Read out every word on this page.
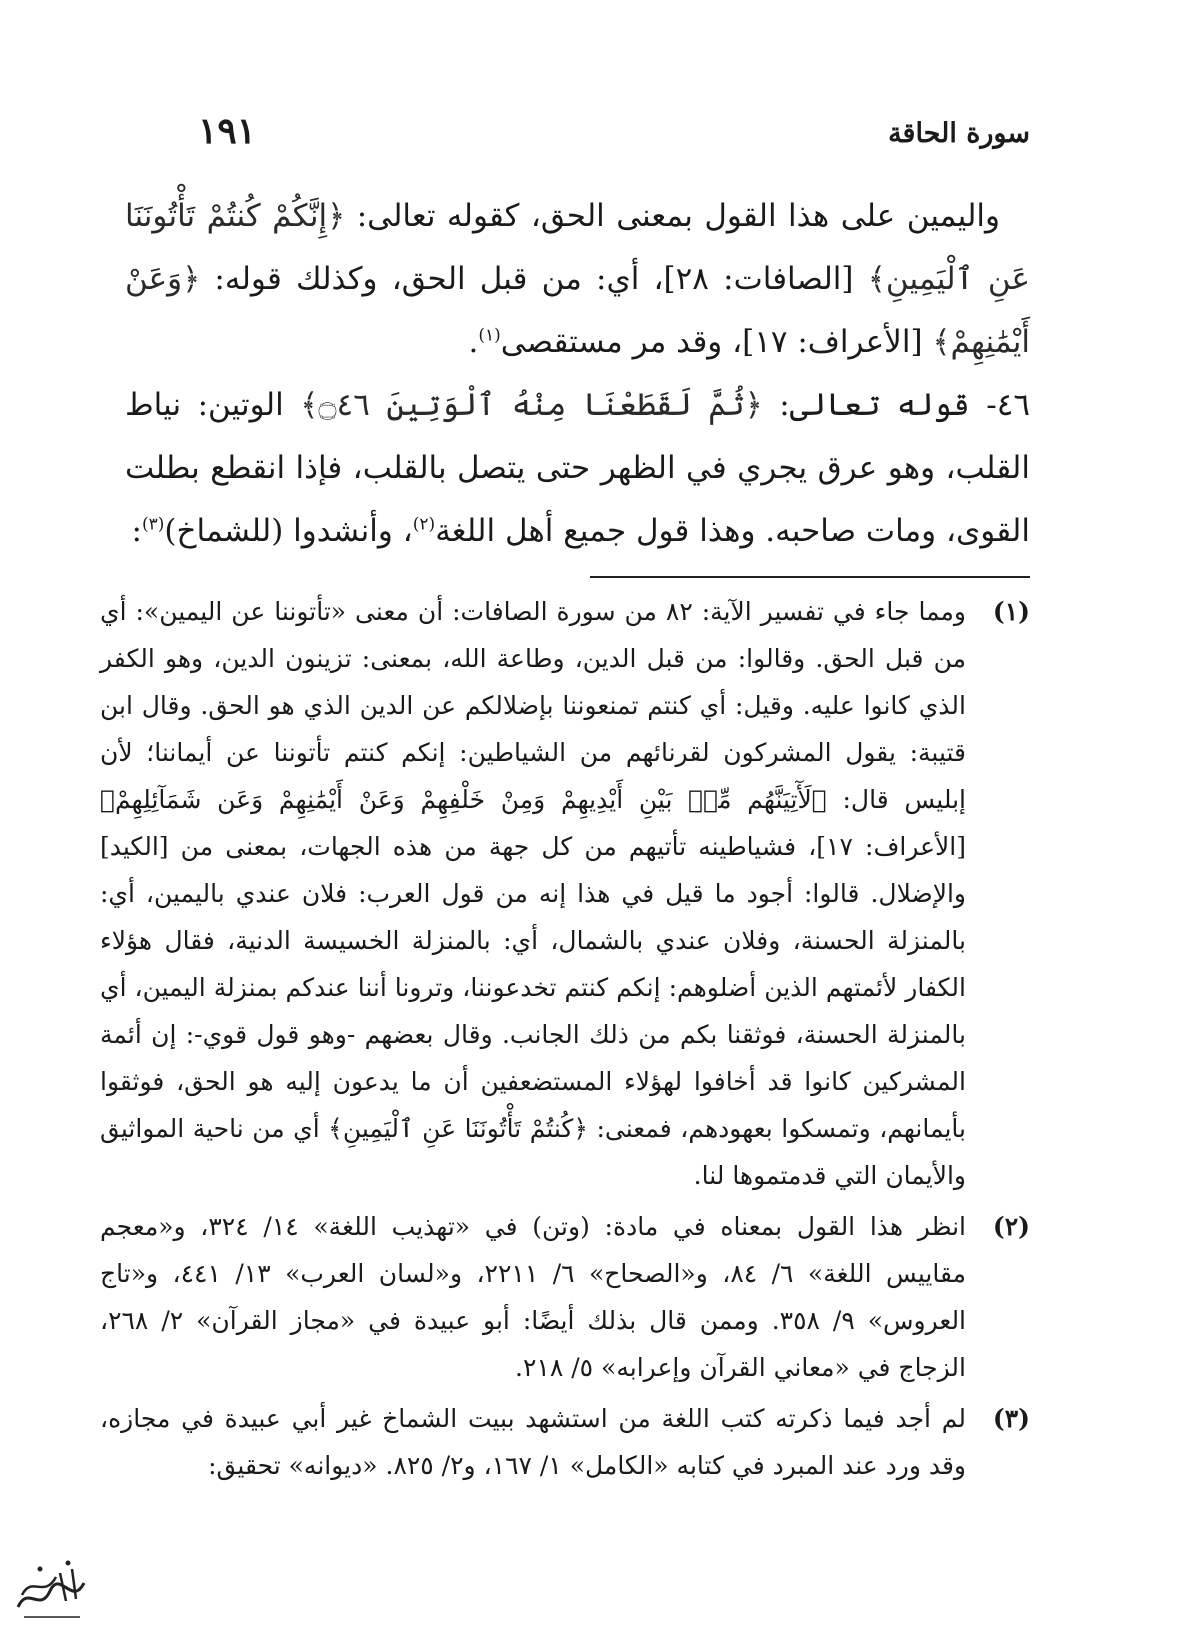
سورة الحاقة
١٩١

واليمين على هذا القول بمعنى الحق، كقوله تعالى: ﴿إِنَّكُمْ كُنتُمْ تَأْتُونَنَا عَنِ ٱلْيَمِينِ﴾ [الصافات: ٢٨]، أي: من قبل الحق، وكذلك قوله: ﴿وَعَنْ أَيْمَٰنِهِمْ﴾ [الأعراف: ١٧]، وقد مر مستقصى$^{(١)}$.

٤٦- قوله تعالى: ﴿ثُمَّ لَقَطَعْنَا مِنْهُ ٱلْوَتِينَ ۝٤٦﴾ الوتين: نياط القلب، وهو عرق يجري في الظهر حتى يتصل بالقلب، فإذا انقطع بطلت القوى، ومات صاحبه. وهذا قول جميع أهل اللغة$^{(٢)}$، وأنشدوا (للشماخ)$^{(٣)}$:

(١)

ومما جاء في تفسير الآية: ٨٢ من سورة الصافات: أن معنى «تأتوننا عن اليمين»: أي من قبل الحق. وقالوا: من قبل الدين، وطاعة الله، بمعنى: تزينون الدين، وهو الكفر الذي كانوا عليه. وقيل: أي كنتم تمنعوننا بإضلالكم عن الدين الذي هو الحق. وقال ابن قتيبة: يقول المشركون لقرنائهم من الشياطين: إنكم كنتم تأتوننا عن أيماننا؛ لأن إبليس قال: ﴿لَأٓتِيَنَّهُم مِّنۢ بَيْنِ أَيْدِيهِمْ وَمِنْ خَلْفِهِمْ وَعَنْ أَيْمَٰنِهِمْ وَعَن شَمَآئِلِهِمْ﴾ [الأعراف: ١٧]، فشياطينه تأتيهم من كل جهة من هذه الجهات، بمعنى من [الكيد] والإضلال. قالوا: أجود ما قيل في هذا إنه من قول العرب: فلان عندي باليمين، أي: بالمنزلة الحسنة، وفلان عندي بالشمال، أي: بالمنزلة الخسيسة الدنية، فقال هؤلاء الكفار لأئمتهم الذين أضلوهم: إنكم كنتم تخدعوننا، وترونا أننا عندكم بمنزلة اليمين، أي بالمنزلة الحسنة، فوثقنا بكم من ذلك الجانب. وقال بعضهم -وهو قول قوي-: إن أئمة المشركين كانوا قد أخافوا لهؤلاء المستضعفين أن ما يدعون إليه هو الحق، فوثقوا بأيمانهم، وتمسكوا بعهودهم، فمعنى: ﴿كُنتُمْ تَأْتُونَنَا عَنِ ٱلْيَمِينِ﴾ أي من ناحية المواثيق والأيمان التي قدمتموها لنا.

(٢)

انظر هذا القول بمعناه في مادة: (وتن) في «تهذيب اللغة» ١٤/ ٣٢٤، و«معجم مقاييس اللغة» ٦/ ٨٤، و«الصحاح» ٦/ ٢٢١١، و«لسان العرب» ١٣/ ٤٤١، و«تاج العروس» ٩/ ٣٥٨. وممن قال بذلك أيضًا: أبو عبيدة في «مجاز القرآن» ٢/ ٢٦٨، الزجاج في «معاني القرآن وإعرابه» ٥/ ٢١٨.

(٣)

لم أجد فيما ذكرته كتب اللغة من استشهد ببيت الشماخ غير أبي عبيدة في مجازه، وقد ورد عند المبرد في كتابه «الكامل» ١/ ١٦٧، و٢/ ٨٢٥. «ديوانه» تحقيق:
